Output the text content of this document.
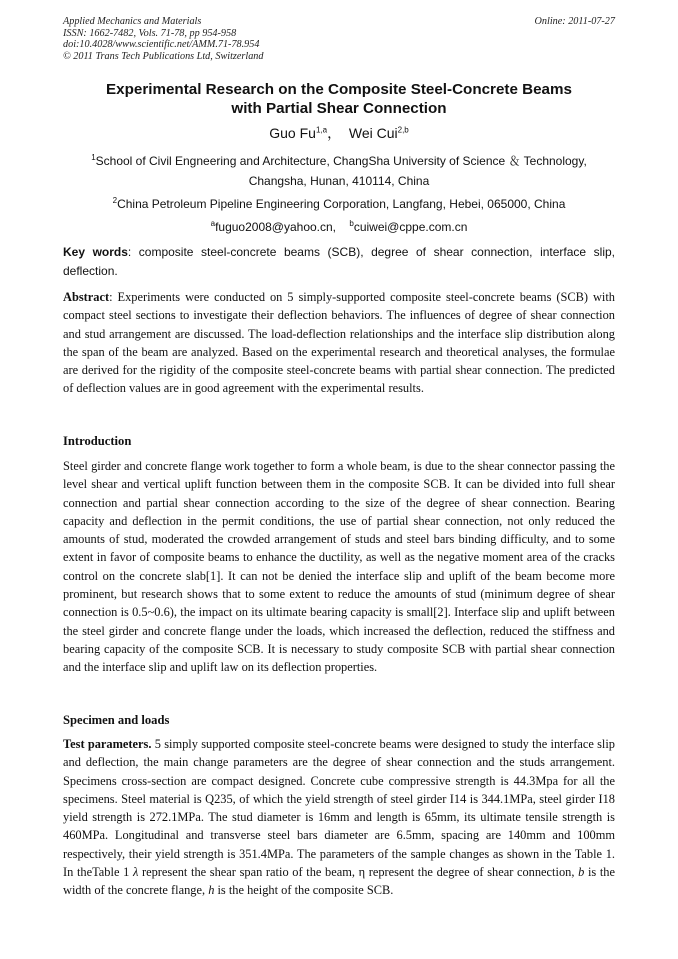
Applied Mechanics and Materials
ISSN: 1662-7482, Vols. 71-78, pp 954-958
doi:10.4028/www.scientific.net/AMM.71-78.954
© 2011 Trans Tech Publications Ltd, Switzerland
Online: 2011-07-27
Experimental Research on the Composite Steel-Concrete Beams
with Partial Shear Connection
Guo Fu$^{1,a}$， Wei Cui$^{2,b}$
$^1$School of Civil Engneering and Architecture, ChangSha University of Science ＆ Technology,
Changsha, Hunan, 410114, China
$^2$China Petroleum Pipeline Engineering Corporation, Langfang, Hebei, 065000, China
$^a$fuguo2008@yahoo.cn, $^b$cuiwei@cppe.com.cn
Key words: composite steel-concrete beams (SCB), degree of shear connection, interface slip, deflection.
Abstract: Experiments were conducted on 5 simply-supported composite steel-concrete beams (SCB) with compact steel sections to investigate their deflection behaviors. The influences of degree of shear connection and stud arrangement are discussed. The load-deflection relationships and the interface slip distribution along the span of the beam are analyzed. Based on the experimental research and theoretical analyses, the formulae are derived for the rigidity of the composite steel-concrete beams with partial shear connection. The predicted of deflection values are in good agreement with the experimental results.
Introduction
Steel girder and concrete flange work together to form a whole beam, is due to the shear connector passing the level shear and vertical uplift function between them in the composite SCB. It can be divided into full shear connection and partial shear connection according to the size of the degree of shear connection. Bearing capacity and deflection in the permit conditions, the use of partial shear connection, not only reduced the amounts of stud, moderated the crowded arrangement of studs and steel bars binding difficulty, and to some extent in favor of composite beams to enhance the ductility, as well as the negative moment area of the cracks control on the concrete slab[1]. It can not be denied the interface slip and uplift of the beam become more prominent, but research shows that to some extent to reduce the amounts of stud (minimum degree of shear connection is 0.5~0.6), the impact on its ultimate bearing capacity is small[2]. Interface slip and uplift between the steel girder and concrete flange under the loads, which increased the deflection, reduced the stiffness and bearing capacity of the composite SCB. It is necessary to study composite SCB with partial shear connection and the interface slip and uplift law on its deflection properties.
Specimen and loads
Test parameters. 5 simply supported composite steel-concrete beams were designed to study the interface slip and deflection, the main change parameters are the degree of shear connection and the studs arrangement. Specimens cross-section are compact designed. Concrete cube compressive strength is 44.3Mpa for all the specimens. Steel material is Q235, of which the yield strength of steel girder I14 is 344.1MPa, steel girder I18 yield strength is 272.1MPa. The stud diameter is 16mm and length is 65mm, its ultimate tensile strength is 460MPa. Longitudinal and transverse steel bars diameter are 6.5mm, spacing are 140mm and 100mm respectively, their yield strength is 351.4MPa. The parameters of the sample changes as shown in the Table 1. In theTable 1 λ represent the shear span ratio of the beam, η represent the degree of shear connection, b is the width of the concrete flange, h is the height of the composite SCB.
